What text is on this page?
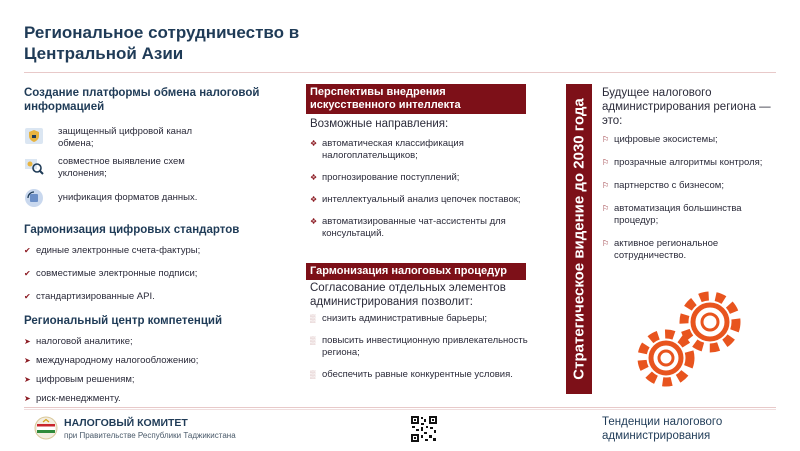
Региональное сотрудничество в Центральной Азии
Создание платформы обмена налоговой информацией
защищенный цифровой канал обмена;
совместное выявление схем уклонения;
унификация форматов данных.
Гармонизация цифровых стандартов
✔ единые электронные счета-фактуры;
✔ совместимые электронные подписи;
✔ стандартизированные API.
Региональный центр компетенций
➤ налоговой аналитике;
➤ международному налогообложению;
➤ цифровым решениям;
➤ риск-менеджменту.
Перспективы внедрения искусственного интеллекта
Возможные направления:
❖ автоматическая классификация налогоплательщиков;
❖ прогнозирование поступлений;
❖ интеллектуальный анализ цепочек поставок;
❖ автоматизированные чат-ассистенты для консультаций.
Гармонизация налоговых процедур
Согласование отдельных элементов администрирования позволит:
▒ снизить административные барьеры;
▒ повысить инвестиционную привлекательность региона;
▒ обеспечить равные конкурентные условия.	Стратегическое видение до 2030 года
Будущее налогового администрирования региона — это:
⚐ цифровые экосистемы;
⚐ прозрачные алгоритмы контроля;
⚐ партнерство с бизнесом;
⚐ автоматизация большинства процедур;
⚐ активное региональное сотрудничество.
НАЛОГОВЫЙ КОМИТЕТ
при Правительстве Республики Таджикистана
Тенденции налогового администрирования
